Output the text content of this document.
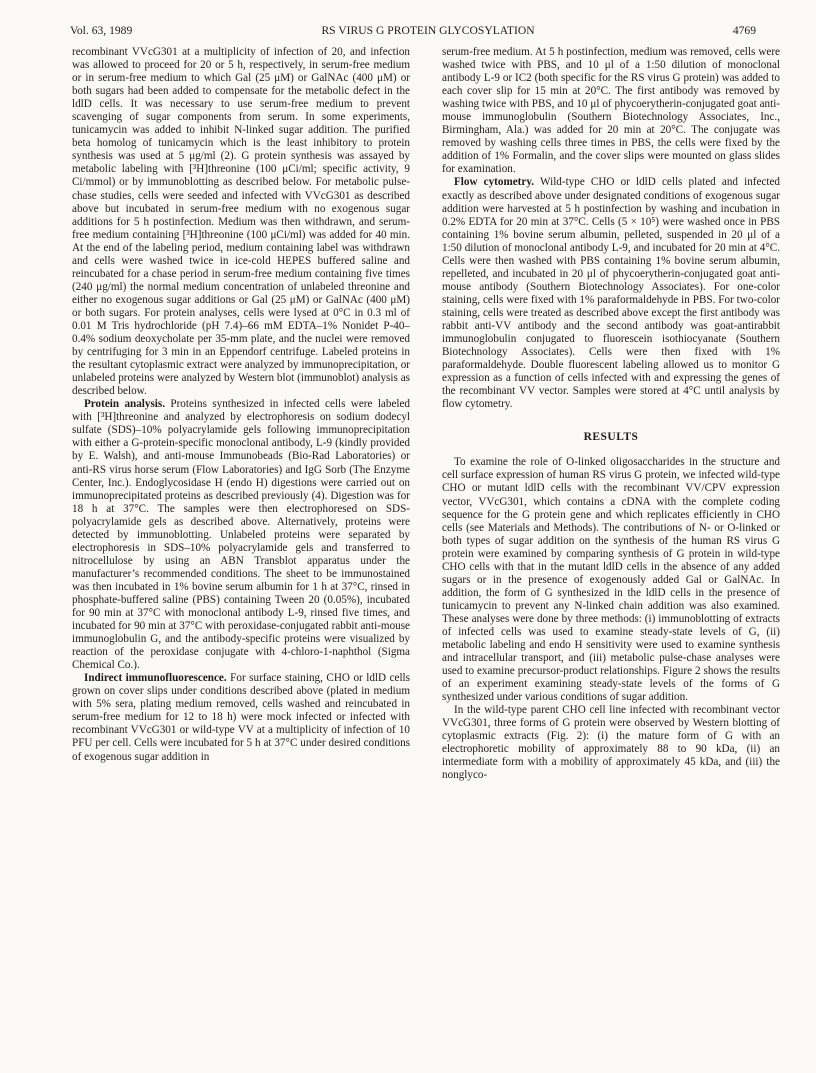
Vol. 63, 1989	RS VIRUS G PROTEIN GLYCOSYLATION	4769

recombinant VVcG301 at a multiplicity of infection of 20, and infection was allowed to proceed for 20 or 5 h, respectively, in serum-free medium or in serum-free medium to which Gal (25 μM) or GalNAc (400 μM) or both sugars had been added to compensate for the metabolic defect in the ldlD cells. It was necessary to use serum-free medium to prevent scavenging of sugar components from serum. In some experiments, tunicamycin was added to inhibit N-linked sugar addition. The purified beta homolog of tunicamycin which is the least inhibitory to protein synthesis was used at 5 μg/ml (2). G protein synthesis was assayed by metabolic labeling with [³H]threonine (100 μCi/ml; specific activity, 9 Ci/mmol) or by immunoblotting as described below. For metabolic pulse-chase studies, cells were seeded and infected with VVcG301 as described above but incubated in serum-free medium with no exogenous sugar additions for 5 h postinfection. Medium was then withdrawn, and serum-free medium containing [³H]threonine (100 μCi/ml) was added for 40 min. At the end of the labeling period, medium containing label was withdrawn and cells were washed twice in ice-cold HEPES buffered saline and reincubated for a chase period in serum-free medium containing five times (240 μg/ml) the normal medium concentration of unlabeled threonine and either no exogenous sugar additions or Gal (25 μM) or GalNAc (400 μM) or both sugars. For protein analyses, cells were lysed at 0°C in 0.3 ml of 0.01 M Tris hydrochloride (pH 7.4)–66 mM EDTA–1% Nonidet P-40–0.4% sodium deoxycholate per 35-mm plate, and the nuclei were removed by centrifuging for 3 min in an Eppendorf centrifuge. Labeled proteins in the resultant cytoplasmic extract were analyzed by immunoprecipitation, or unlabeled proteins were analyzed by Western blot (immunoblot) analysis as described below.

Protein analysis. Proteins synthesized in infected cells were labeled with [³H]threonine and analyzed by electrophoresis on sodium dodecyl sulfate (SDS)–10% polyacrylamide gels following immunoprecipitation with either a G-protein-specific monoclonal antibody, L-9 (kindly provided by E. Walsh), and anti-mouse Immunobeads (Bio-Rad Laboratories) or anti-RS virus horse serum (Flow Laboratories) and IgG Sorb (The Enzyme Center, Inc.). Endoglycosidase H (endo H) digestions were carried out on immunoprecipitated proteins as described previously (4). Digestion was for 18 h at 37°C. The samples were then electrophoresed on SDS-polyacrylamide gels as described above. Alternatively, proteins were detected by immunoblotting. Unlabeled proteins were separated by electrophoresis in SDS–10% polyacrylamide gels and transferred to nitrocellulose by using an ABN Transblot apparatus under the manufacturer’s recommended conditions. The sheet to be immunostained was then incubated in 1% bovine serum albumin for 1 h at 37°C, rinsed in phosphate-buffered saline (PBS) containing Tween 20 (0.05%), incubated for 90 min at 37°C with monoclonal antibody L-9, rinsed five times, and incubated for 90 min at 37°C with peroxidase-conjugated rabbit anti-mouse immunoglobulin G, and the antibody-specific proteins were visualized by reaction of the peroxidase conjugate with 4-chloro-1-naphthol (Sigma Chemical Co.).

Indirect immunofluorescence. For surface staining, CHO or ldlD cells grown on cover slips under conditions described above (plated in medium with 5% sera, plating medium removed, cells washed and reincubated in serum-free medium for 12 to 18 h) were mock infected or infected with recombinant VVcG301 or wild-type VV at a multiplicity of infection of 10 PFU per cell. Cells were incubated for 5 h at 37°C under desired conditions of exogenous sugar addition in

serum-free medium. At 5 h postinfection, medium was removed, cells were washed twice with PBS, and 10 μl of a 1:50 dilution of monoclonal antibody L-9 or IC2 (both specific for the RS virus G protein) was added to each cover slip for 15 min at 20°C. The first antibody was removed by washing twice with PBS, and 10 μl of phycoerytherin-conjugated goat anti-mouse immunoglobulin (Southern Biotechnology Associates, Inc., Birmingham, Ala.) was added for 20 min at 20°C. The conjugate was removed by washing cells three times in PBS, the cells were fixed by the addition of 1% Formalin, and the cover slips were mounted on glass slides for examination.

Flow cytometry. Wild-type CHO or ldlD cells plated and infected exactly as described above under designated conditions of exogenous sugar addition were harvested at 5 h postinfection by washing and incubation in 0.2% EDTA for 20 min at 37°C. Cells (5 × 10⁵) were washed once in PBS containing 1% bovine serum albumin, pelleted, suspended in 20 μl of a 1:50 dilution of monoclonal antibody L-9, and incubated for 20 min at 4°C. Cells were then washed with PBS containing 1% bovine serum albumin, repelleted, and incubated in 20 μl of phycoerytherin-conjugated goat anti-mouse antibody (Southern Biotechnology Associates). For one-color staining, cells were fixed with 1% paraformaldehyde in PBS. For two-color staining, cells were treated as described above except the first antibody was rabbit anti-VV antibody and the second antibody was goat-antirabbit immunoglobulin conjugated to fluorescein isothiocyanate (Southern Biotechnology Associates). Cells were then fixed with 1% paraformaldehyde. Double fluorescent labeling allowed us to monitor G expression as a function of cells infected with and expressing the genes of the recombinant VV vector. Samples were stored at 4°C until analysis by flow cytometry.

RESULTS

To examine the role of O-linked oligosaccharides in the structure and cell surface expression of human RS virus G protein, we infected wild-type CHO or mutant ldlD cells with the recombinant VV/CPV expression vector, VVcG301, which contains a cDNA with the complete coding sequence for the G protein gene and which replicates efficiently in CHO cells (see Materials and Methods). The contributions of N- or O-linked or both types of sugar addition on the synthesis of the human RS virus G protein were examined by comparing synthesis of G protein in wild-type CHO cells with that in the mutant ldlD cells in the absence of any added sugars or in the presence of exogenously added Gal or GalNAc. In addition, the form of G synthesized in the ldlD cells in the presence of tunicamycin to prevent any N-linked chain addition was also examined. These analyses were done by three methods: (i) immunoblotting of extracts of infected cells was used to examine steady-state levels of G, (ii) metabolic labeling and endo H sensitivity were used to examine synthesis and intracellular transport, and (iii) metabolic pulse-chase analyses were used to examine precursor-product relationships. Figure 2 shows the results of an experiment examining steady-state levels of the forms of G synthesized under various conditions of sugar addition.

In the wild-type parent CHO cell line infected with recombinant vector VVcG301, three forms of G protein were observed by Western blotting of cytoplasmic extracts (Fig. 2): (i) the mature form of G with an electrophoretic mobility of approximately 88 to 90 kDa, (ii) an intermediate form with a mobility of approximately 45 kDa, and (iii) the nonglyco-
